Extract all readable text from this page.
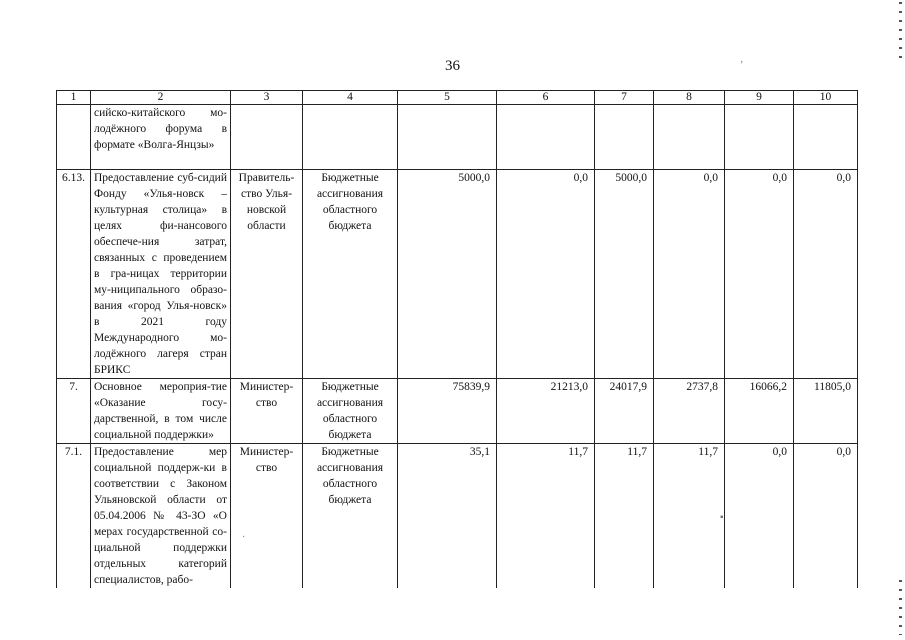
36	ʼ
▪
·
1	2	3	4	5	6	7	8	9	10
	сийско-китайского мо-лодёжного форума в формате «Волга-Янцзы»								
6.13.	Предоставление суб-сидий Фонду «Улья-новск – культурная столица» в целях фи-нансового обеспече-ния затрат, связанных с проведением в гра-ницах территории му-ниципального образо-вания «город Улья-новск» в 2021 году Международного мо-лодёжного лагеря стран БРИКС	Правитель-ство Улья-новской области	Бюджетные ассигнования областного бюджета	5000,0	0,0	5000,0	0,0	0,0	0,0
7.	Основное мероприя-тие «Оказание госу-дарственной, в том числе социальной поддержки»	Министер-ство	Бюджетные ассигнования областного бюджета	75839,9	21213,0	24017,9	2737,8	16066,2	11805,0
7.1.	Предоставление мер социальной поддерж-ки в соответствии с Законом Ульяновской области от 05.04.2006 № 43-ЗО «О мерах государственной со-циальной поддержки отдельных категорий специалистов, рабо-	Министер-ство	Бюджетные ассигнования областного бюджета	35,1	11,7	11,7	11,7	0,0	0,0
